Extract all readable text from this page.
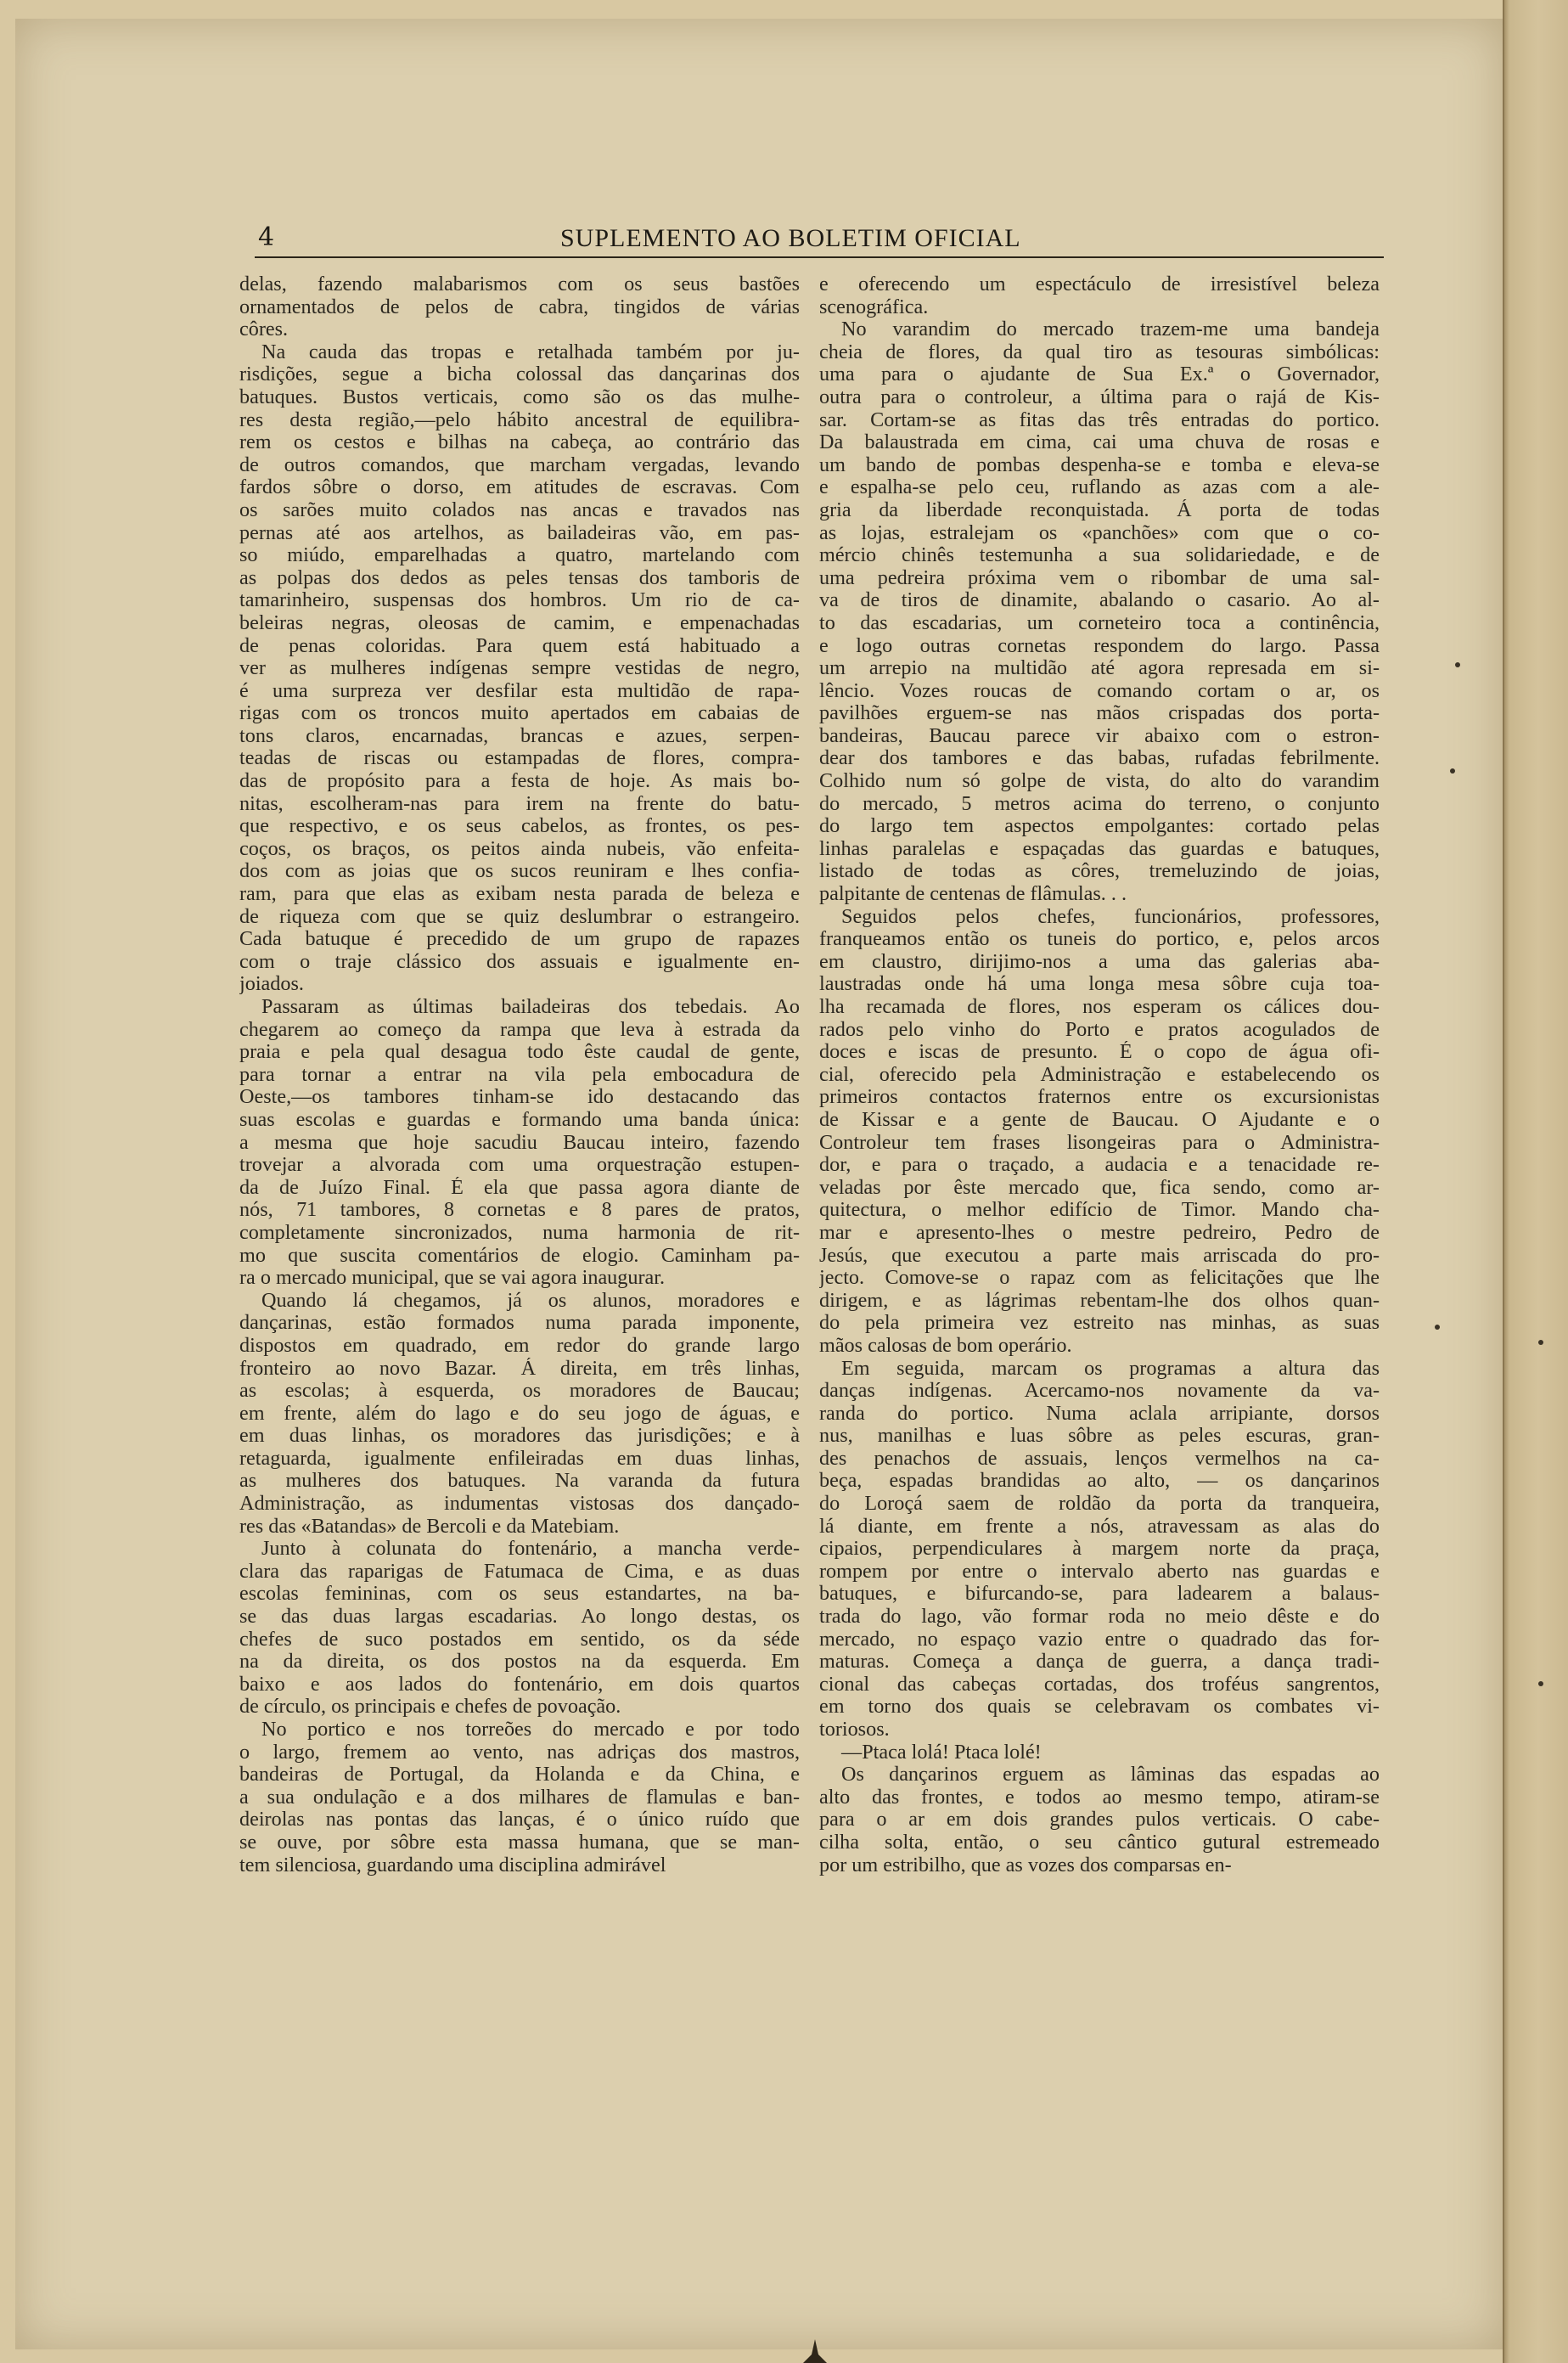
4	SUPLEMENTO AO BOLETIM OFICIAL
delas, fazendo malabarismos com os seus bastões
ornamentados de pelos de cabra, tingidos de várias
côres.
Na cauda das tropas e retalhada também por ju-
risdições, segue a bicha colossal das dançarinas dos
batuques. Bustos verticais, como são os das mulhe-
res desta região,—pelo hábito ancestral de equilibra-
rem os cestos e bilhas na cabeça, ao contrário das
de outros comandos, que marcham vergadas, levando
fardos sôbre o dorso, em atitudes de escravas. Com
os sarões muito colados nas ancas e travados nas
pernas até aos artelhos, as bailadeiras vão, em pas-
so miúdo, emparelhadas a quatro, martelando com
as polpas dos dedos as peles tensas dos tamboris de
tamarinheiro, suspensas dos hombros. Um rio de ca-
beleiras negras, oleosas de camim, e empenachadas
de penas coloridas. Para quem está habituado a
ver as mulheres indígenas sempre vestidas de negro,
é uma surpreza ver desfilar esta multidão de rapa-
rigas com os troncos muito apertados em cabaias de
tons claros, encarnadas, brancas e azues, serpen-
teadas de riscas ou estampadas de flores, compra-
das de propósito para a festa de hoje. As mais bo-
nitas, escolheram-nas para irem na frente do batu-
que respectivo, e os seus cabelos, as frontes, os pes-
coços, os braços, os peitos ainda nubeis, vão enfeita-
dos com as joias que os sucos reuniram e lhes confia-
ram, para que elas as exibam nesta parada de beleza e
de riqueza com que se quiz deslumbrar o estrangeiro.
Cada batuque é precedido de um grupo de rapazes
com o traje clássico dos assuais e igualmente en-
joiados.
Passaram as últimas bailadeiras dos tebedais. Ao
chegarem ao começo da rampa que leva à estrada da
praia e pela qual desagua todo êste caudal de gente,
para tornar a entrar na vila pela embocadura de
Oeste,—os tambores tinham-se ido destacando das
suas escolas e guardas e formando uma banda única:
a mesma que hoje sacudiu Baucau inteiro, fazendo
trovejar a alvorada com uma orquestração estupen-
da de Juízo Final. É ela que passa agora diante de
nós, 71 tambores, 8 cornetas e 8 pares de pratos,
completamente sincronizados, numa harmonia de rit-
mo que suscita comentários de elogio. Caminham pa-
ra o mercado municipal, que se vai agora inaugurar.
Quando lá chegamos, já os alunos, moradores e
dançarinas, estão formados numa parada imponente,
dispostos em quadrado, em redor do grande largo
fronteiro ao novo Bazar. Á direita, em três linhas,
as escolas; à esquerda, os moradores de Baucau;
em frente, além do lago e do seu jogo de águas, e
em duas linhas, os moradores das jurisdições; e à
retaguarda, igualmente enfileiradas em duas linhas,
as mulheres dos batuques. Na varanda da futura
Administração, as indumentas vistosas dos dançado-
res das «Batandas» de Bercoli e da Matebiam.
Junto à colunata do fontenário, a mancha verde-
clara das raparigas de Fatumaca de Cima, e as duas
escolas femininas, com os seus estandartes, na ba-
se das duas largas escadarias. Ao longo destas, os
chefes de suco postados em sentido, os da séde
na da direita, os dos postos na da esquerda. Em
baixo e aos lados do fontenário, em dois quartos
de círculo, os principais e chefes de povoação.
No portico e nos torreões do mercado e por todo
o largo, fremem ao vento, nas adriças dos mastros,
bandeiras de Portugal, da Holanda e da China, e
a sua ondulação e a dos milhares de flamulas e ban-
deirolas nas pontas das lanças, é o único ruído que
se ouve, por sôbre esta massa humana, que se man-
tem silenciosa, guardando uma disciplina admirável
e oferecendo um espectáculo de irresistível beleza
scenográfica.
No varandim do mercado trazem-me uma bandeja
cheia de flores, da qual tiro as tesouras simbólicas:
uma para o ajudante de Sua Ex.ª o Governador,
outra para o controleur, a última para o rajá de Kis-
sar. Cortam-se as fitas das três entradas do portico.
Da balaustrada em cima, cai uma chuva de rosas e
um bando de pombas despenha-se e tomba e eleva-se
e espalha-se pelo ceu, ruflando as azas com a ale-
gria da liberdade reconquistada. Á porta de todas
as lojas, estralejam os «panchões» com que o co-
mércio chinês testemunha a sua solidariedade, e de
uma pedreira próxima vem o ribombar de uma sal-
va de tiros de dinamite, abalando o casario. Ao al-
to das escadarias, um corneteiro toca a continência,
e logo outras cornetas respondem do largo. Passa
um arrepio na multidão até agora represada em si-
lêncio. Vozes roucas de comando cortam o ar, os
pavilhões erguem-se nas mãos crispadas dos porta-
bandeiras, Baucau parece vir abaixo com o estron-
dear dos tambores e das babas, rufadas febrilmente.
Colhido num só golpe de vista, do alto do varandim
do mercado, 5 metros acima do terreno, o conjunto
do largo tem aspectos empolgantes: cortado pelas
linhas paralelas e espaçadas das guardas e batuques,
listado de todas as côres, tremeluzindo de joias,
palpitante de centenas de flâmulas. . .
Seguidos pelos chefes, funcionários, professores,
franqueamos então os tuneis do portico, e, pelos arcos
em claustro, dirijimo-nos a uma das galerias aba-
laustradas onde há uma longa mesa sôbre cuja toa-
lha recamada de flores, nos esperam os cálices dou-
rados pelo vinho do Porto e pratos acogulados de
doces e iscas de presunto. É o copo de água ofi-
cial, oferecido pela Administração e estabelecendo os
primeiros contactos fraternos entre os excursionistas
de Kissar e a gente de Baucau. O Ajudante e o
Controleur tem frases lisongeiras para o Administra-
dor, e para o traçado, a audacia e a tenacidade re-
veladas por êste mercado que, fica sendo, como ar-
quitectura, o melhor edifício de Timor. Mando cha-
mar e apresento-lhes o mestre pedreiro, Pedro de
Jesús, que executou a parte mais arriscada do pro-
jecto. Comove-se o rapaz com as felicitações que lhe
dirigem, e as lágrimas rebentam-lhe dos olhos quan-
do pela primeira vez estreito nas minhas, as suas
mãos calosas de bom operário.
Em seguida, marcam os programas a altura das
danças indígenas. Acercamo-nos novamente da va-
randa do portico. Numa aclala arripiante, dorsos
nus, manilhas e luas sôbre as peles escuras, gran-
des penachos de assuais, lenços vermelhos na ca-
beça, espadas brandidas ao alto, — os dançarinos
do Loroçá saem de roldão da porta da tranqueira,
lá diante, em frente a nós, atravessam as alas do
cipaios, perpendiculares à margem norte da praça,
rompem por entre o intervalo aberto nas guardas e
batuques, e bifurcando-se, para ladearem a balaus-
trada do lago, vão formar roda no meio dêste e do
mercado, no espaço vazio entre o quadrado das for-
maturas. Começa a dança de guerra, a dança tradi-
cional das cabeças cortadas, dos troféus sangrentos,
em torno dos quais se celebravam os combates vi-
toriosos.
—Ptaca lolá! Ptaca lolé!
Os dançarinos erguem as lâminas das espadas ao
alto das frontes, e todos ao mesmo tempo, atiram-se
para o ar em dois grandes pulos verticais. O cabe-
cilha solta, então, o seu cântico gutural estremeado
por um estribilho, que as vozes dos comparsas en-
